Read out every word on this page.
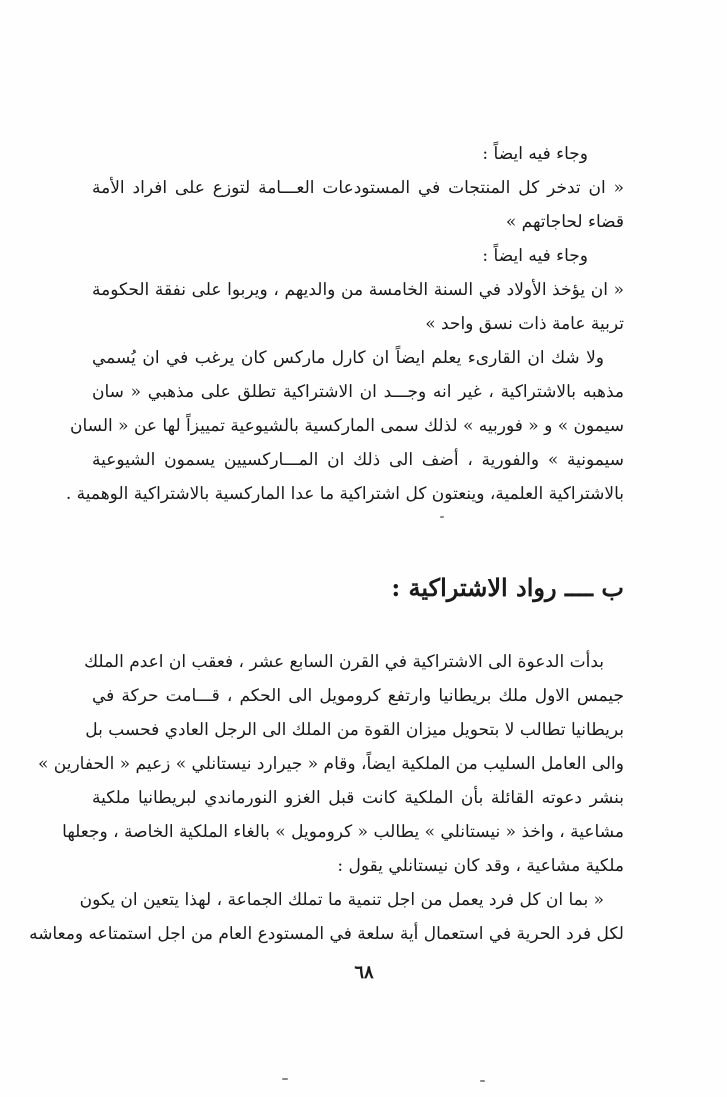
وجاء فيه ايضاً :
« ان تدخر كل المنتجات في المستودعات العـــامة لتوزع على افراد الأمة
قضاء لحاجاتهم »
وجاء فيه ايضاً :
« ان يؤخذ الأولاد في السنة الخامسة من والديهم ، ويربوا على نفقة الحكومة
تربية عامة ذات نسق واحد »
ولا شك ان القارىء يعلم ايضاً ان كارل ماركس كان يرغب في ان يُسمي
مذهبه بالاشتراكية ، غير انه وجـــد ان الاشتراكية تطلق على مذهبي « سان
سيمون » و « فوربيه » لذلك سمى الماركسية بالشيوعية تمييزاً لها عن « السان
سيمونية » والفورية ، أضف الى ذلك ان المـــاركسيين يسمون الشيوعية
بالاشتراكية العلمية، وينعتون كل اشتراكية ما عدا الماركسية بالاشتراكية الوهمية .
ب ــــ رواد الاشتراكية :
بدأت الدعوة الى الاشتراكية في القرن السابع عشر ، فعقب ان اعدم الملك
جيمس الاول ملك بريطانيا وارتفع كرومويل الى الحكم ، قـــامت حركة في
بريطانيا تطالب لا بتحويل ميزان القوة من الملك الى الرجل العادي فحسب بل
والى العامل السليب من الملكية ايضاً، وقام « جيرارد نيستانلي » زعيم « الحفارين »
بنشر دعوته القائلة بأن الملكية كانت قبل الغزو النورماندي لبريطانيا ملكية
مشاعية ، واخذ « نيستانلي » يطالب « كرومويل » بالغاء الملكية الخاصة ، وجعلها
ملكية مشاعية ، وقد كان نيستانلي يقول :
« بما ان كل فرد يعمل من اجل تنمية ما تملك الجماعة ، لهذا يتعين ان يكون
لكل فرد الحرية في استعمال أية سلعة في المستودع العام من اجل استمتاعه ومعاشه
٦٨
